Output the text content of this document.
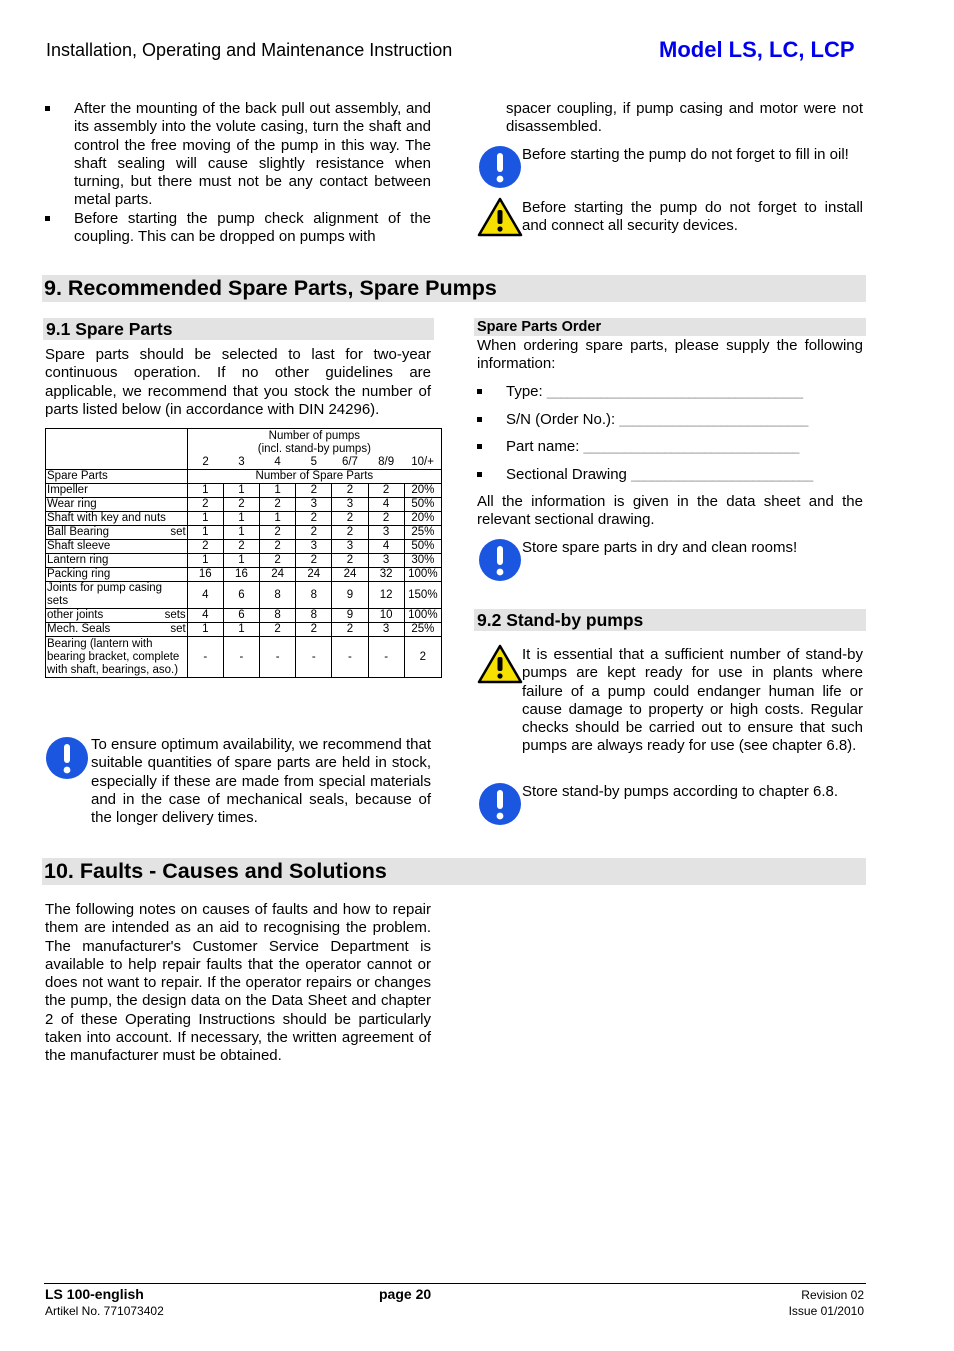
Installation, Operating and Maintenance Instruction	Model LS, LC, LCP
After the mounting of the back pull out assembly, and its assembly into the volute casing, turn the shaft and control the free moving of the pump in this way. The shaft sealing will cause slightly resistance when turning, but there must not be any contact between metal parts.
Before starting the pump check alignment of the coupling. This can be dropped on pumps with
spacer coupling, if pump casing and motor were not disassembled.
Before starting the pump do not forget to fill in oil!
Before starting the pump do not forget to install and connect all security devices.
9. Recommended Spare Parts, Spare Pumps
9.1 Spare Parts
Spare parts should be selected to last for two-year continuous operation. If no other guidelines are applicable, we recommend that you stock the number of parts listed below (in accordance with DIN 24296).

	Number of pumps
(incl. stand-by pumps)						

	2	3	4	5	6/7	8/9	10/+
Spare Parts	Number of Spare Parts						
Impeller	1	1	1	2	2	2	20%
Wear ring	2	2	2	3	3	4	50%
Shaft with key and nuts	1	1	1	2	2	2	20%

Ball Bearing set	1	1	2	2	2	3	25%
Shaft sleeve	2	2	2	3	3	4	50%
Lantern ring	1	1	2	2	2	3	30%
Packing ring	16	16	24	24	24	32	100%
Joints for pump casing sets	4	6	8	8	9	12	150%

other joints sets	4	6	8	8	9	10	100%

Mech. Seals set	1	1	2	2	2	3	25%
Bearing (lantern with bearing bracket, complete with shaft, bearings, aso.)	-	-	-	-	-	-	2
To ensure optimum availability, we recommend that suitable quantities of spare parts are held in stock, especially if these are made from special materials and in the case of mechanical seals, because of the longer delivery times.
Spare Parts Order
When ordering spare parts, please supply the following information:
Type: ______________________________________
S/N (Order No.): ____________________________
Part name: ________________________________
Sectional Drawing ___________________________
All the information is given in the data sheet and the relevant sectional drawing.
Store spare parts in dry and clean rooms!
9.2 Stand-by pumps
It is essential that a sufficient number of stand-by pumps are kept ready for use in plants where failure of a pump could endanger human life or cause damage to property or high costs. Regular checks should be carried out to ensure that such pumps are always ready for use (see chapter 6.8).
Store stand-by pumps according to chapter 6.8.
10. Faults - Causes and Solutions
The following notes on causes of faults and how to repair them are intended as an aid to recognising the problem. The manufacturer's Customer Service Department is available to help repair faults that the operator cannot or does not want to repair. If the operator repairs or changes the pump, the design data on the Data Sheet and chapter 2 of these Operating Instructions should be particularly taken into account. If necessary, the written agreement of the manufacturer must be obtained.
LS 100-english
Artikel No. 771073402
page 20	Revision 02
Issue 01/2010
